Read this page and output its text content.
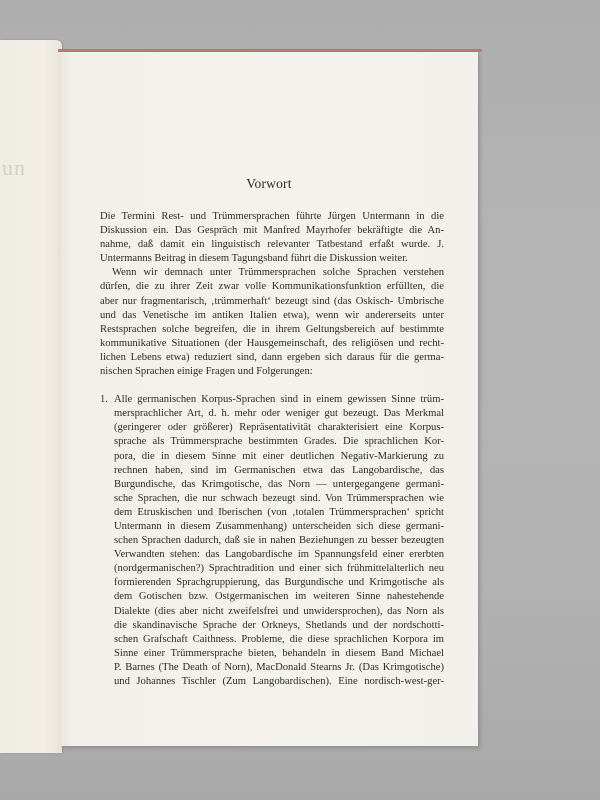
un
Vorwort
Die Termini Rest- und Trümmersprachen führte Jürgen Untermann in die
Diskussion ein. Das Gespräch mit Manfred Mayrhofer bekräftigte die An-
nahme, daß damit ein linguistisch relevanter Tatbestand erfaßt wurde. J.
Untermanns Beitrag in diesem Tagungsband führt die Diskussion weiter.
Wenn wir demnach unter Trümmersprachen solche Sprachen verstehen
dürfen, die zu ihrer Zeit zwar volle Kommunikationsfunktion erfüllten, die
aber nur fragmentarisch, ‚trümmerhaft‘ bezeugt sind (das Oskisch- Umbrische
und das Venetische im antiken Italien etwa), wenn wir andererseits unter
Restsprachen solche begreifen, die in ihrem Geltungsbereich auf bestimmte
kommunikative Situationen (der Hausgemeinschaft, des religiösen und recht-
lichen Lebens etwa) reduziert sind, dann ergeben sich daraus für die germa-
nischen Sprachen einige Fragen und Folgerungen:
1. Alle germanischen Korpus-Sprachen sind in einem gewissen Sinne trüm-
mersprachlicher Art, d. h. mehr oder weniger gut bezeugt. Das Merkmal
(geringerer oder größerer) Repräsentativität charakterisiert eine Korpus-
sprache als Trümmersprache bestimmten Grades. Die sprachlichen Kor-
pora, die in diesem Sinne mit einer deutlichen Negativ-Markierung zu
rechnen haben, sind im Germanischen etwa das Langobardische, das
Burgundische, das Krimgotische, das Norn — untergegangene germani-
sche Sprachen, die nur schwach bezeugt sind. Von Trümmersprachen wie
dem Etruskischen und Iberischen (von ‚totalen Trümmersprachen‘ spricht
Untermann in diesem Zusammenhang) unterscheiden sich diese germani-
schen Sprachen dadurch, daß sie in nahen Beziehungen zu besser bezeugten
Verwandten stehen: das Langobardische im Spannungsfeld einer ererbten
(nordgermanischen?) Sprachtradition und einer sich frühmittelalterlich neu
formierenden Sprachgruppierung, das Burgundische und Krimgotische als
dem Gotischen bzw. Ostgermanischen im weiteren Sinne nahestehende
Dialekte (dies aber nicht zweifelsfrei und unwidersprochen), das Norn als
die skandinavische Sprache der Orkneys, Shetlands und der nordschotti-
schen Grafschaft Caithness. Probleme, die diese sprachlichen Korpora im
Sinne einer Trümmersprache bieten, behandeln in diesem Band Michael
P. Barnes (The Death of Norn), MacDonald Stearns Jr. (Das Krimgotische)
und Johannes Tischler (Zum Langobardischen). Eine nordisch-west-ger-
